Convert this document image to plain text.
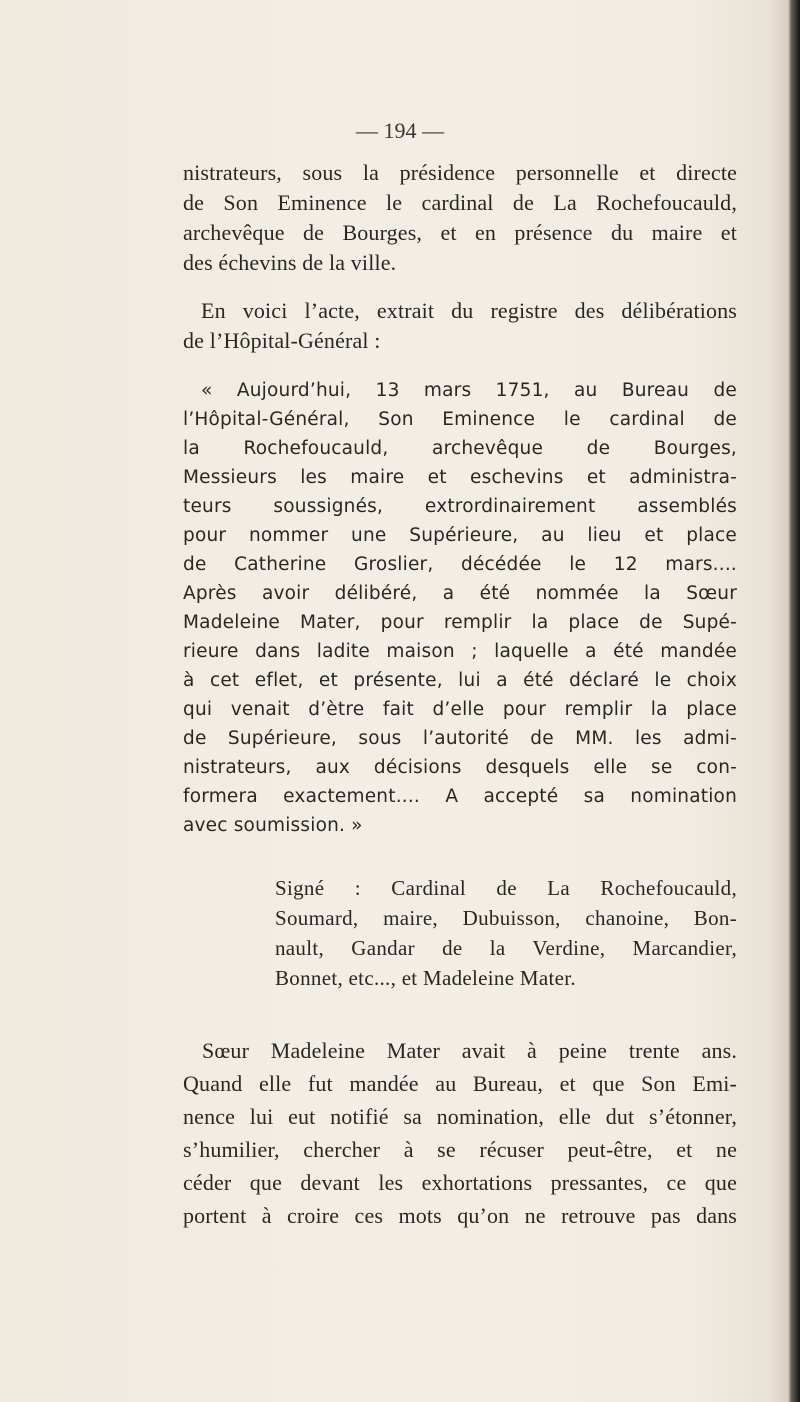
— 194 —
nistrateurs, sous la présidence personnelle et directe
de Son Eminence le cardinal de La Rochefoucauld,
archevêque de Bourges, et en présence du maire et
des échevins de la ville.
En voici l’acte, extrait du registre des délibérations
de l’Hôpital-Général :
« Aujourd’hui, 13 mars 1751, au Bureau de
l’Hôpital-Général, Son Eminence le cardinal de
la Rochefoucauld, archevêque de Bourges,
Messieurs les maire et eschevins et administra-
teurs soussignés, extrordinairement assemblés
pour nommer une Supérieure, au lieu et place
de Catherine Groslier, décédée le 12 mars....
Après avoir délibéré, a été nommée la Sœur
Madeleine Mater, pour remplir la place de Supé-
rieure dans ladite maison ; laquelle a été mandée
à cet eflet, et présente, lui a été déclaré le choix
qui venait d’ètre fait d’elle pour remplir la place
de Supérieure, sous l’autorité de MM. les admi-
nistrateurs, aux décisions desquels elle se con-
formera exactement.... A accepté sa nomination
avec soumission. »
Signé : Cardinal de La Rochefoucauld,
Soumard, maire, Dubuisson, chanoine, Bon-
nault, Gandar de la Verdine, Marcandier,
Bonnet, etc..., et Madeleine Mater.
Sœur Madeleine Mater avait à peine trente ans.
Quand elle fut mandée au Bureau, et que Son Emi-
nence lui eut notifié sa nomination, elle dut s’étonner,
s’humilier, chercher à se récuser peut-être, et ne
céder que devant les exhortations pressantes, ce que
portent à croire ces mots qu’on ne retrouve pas dans
